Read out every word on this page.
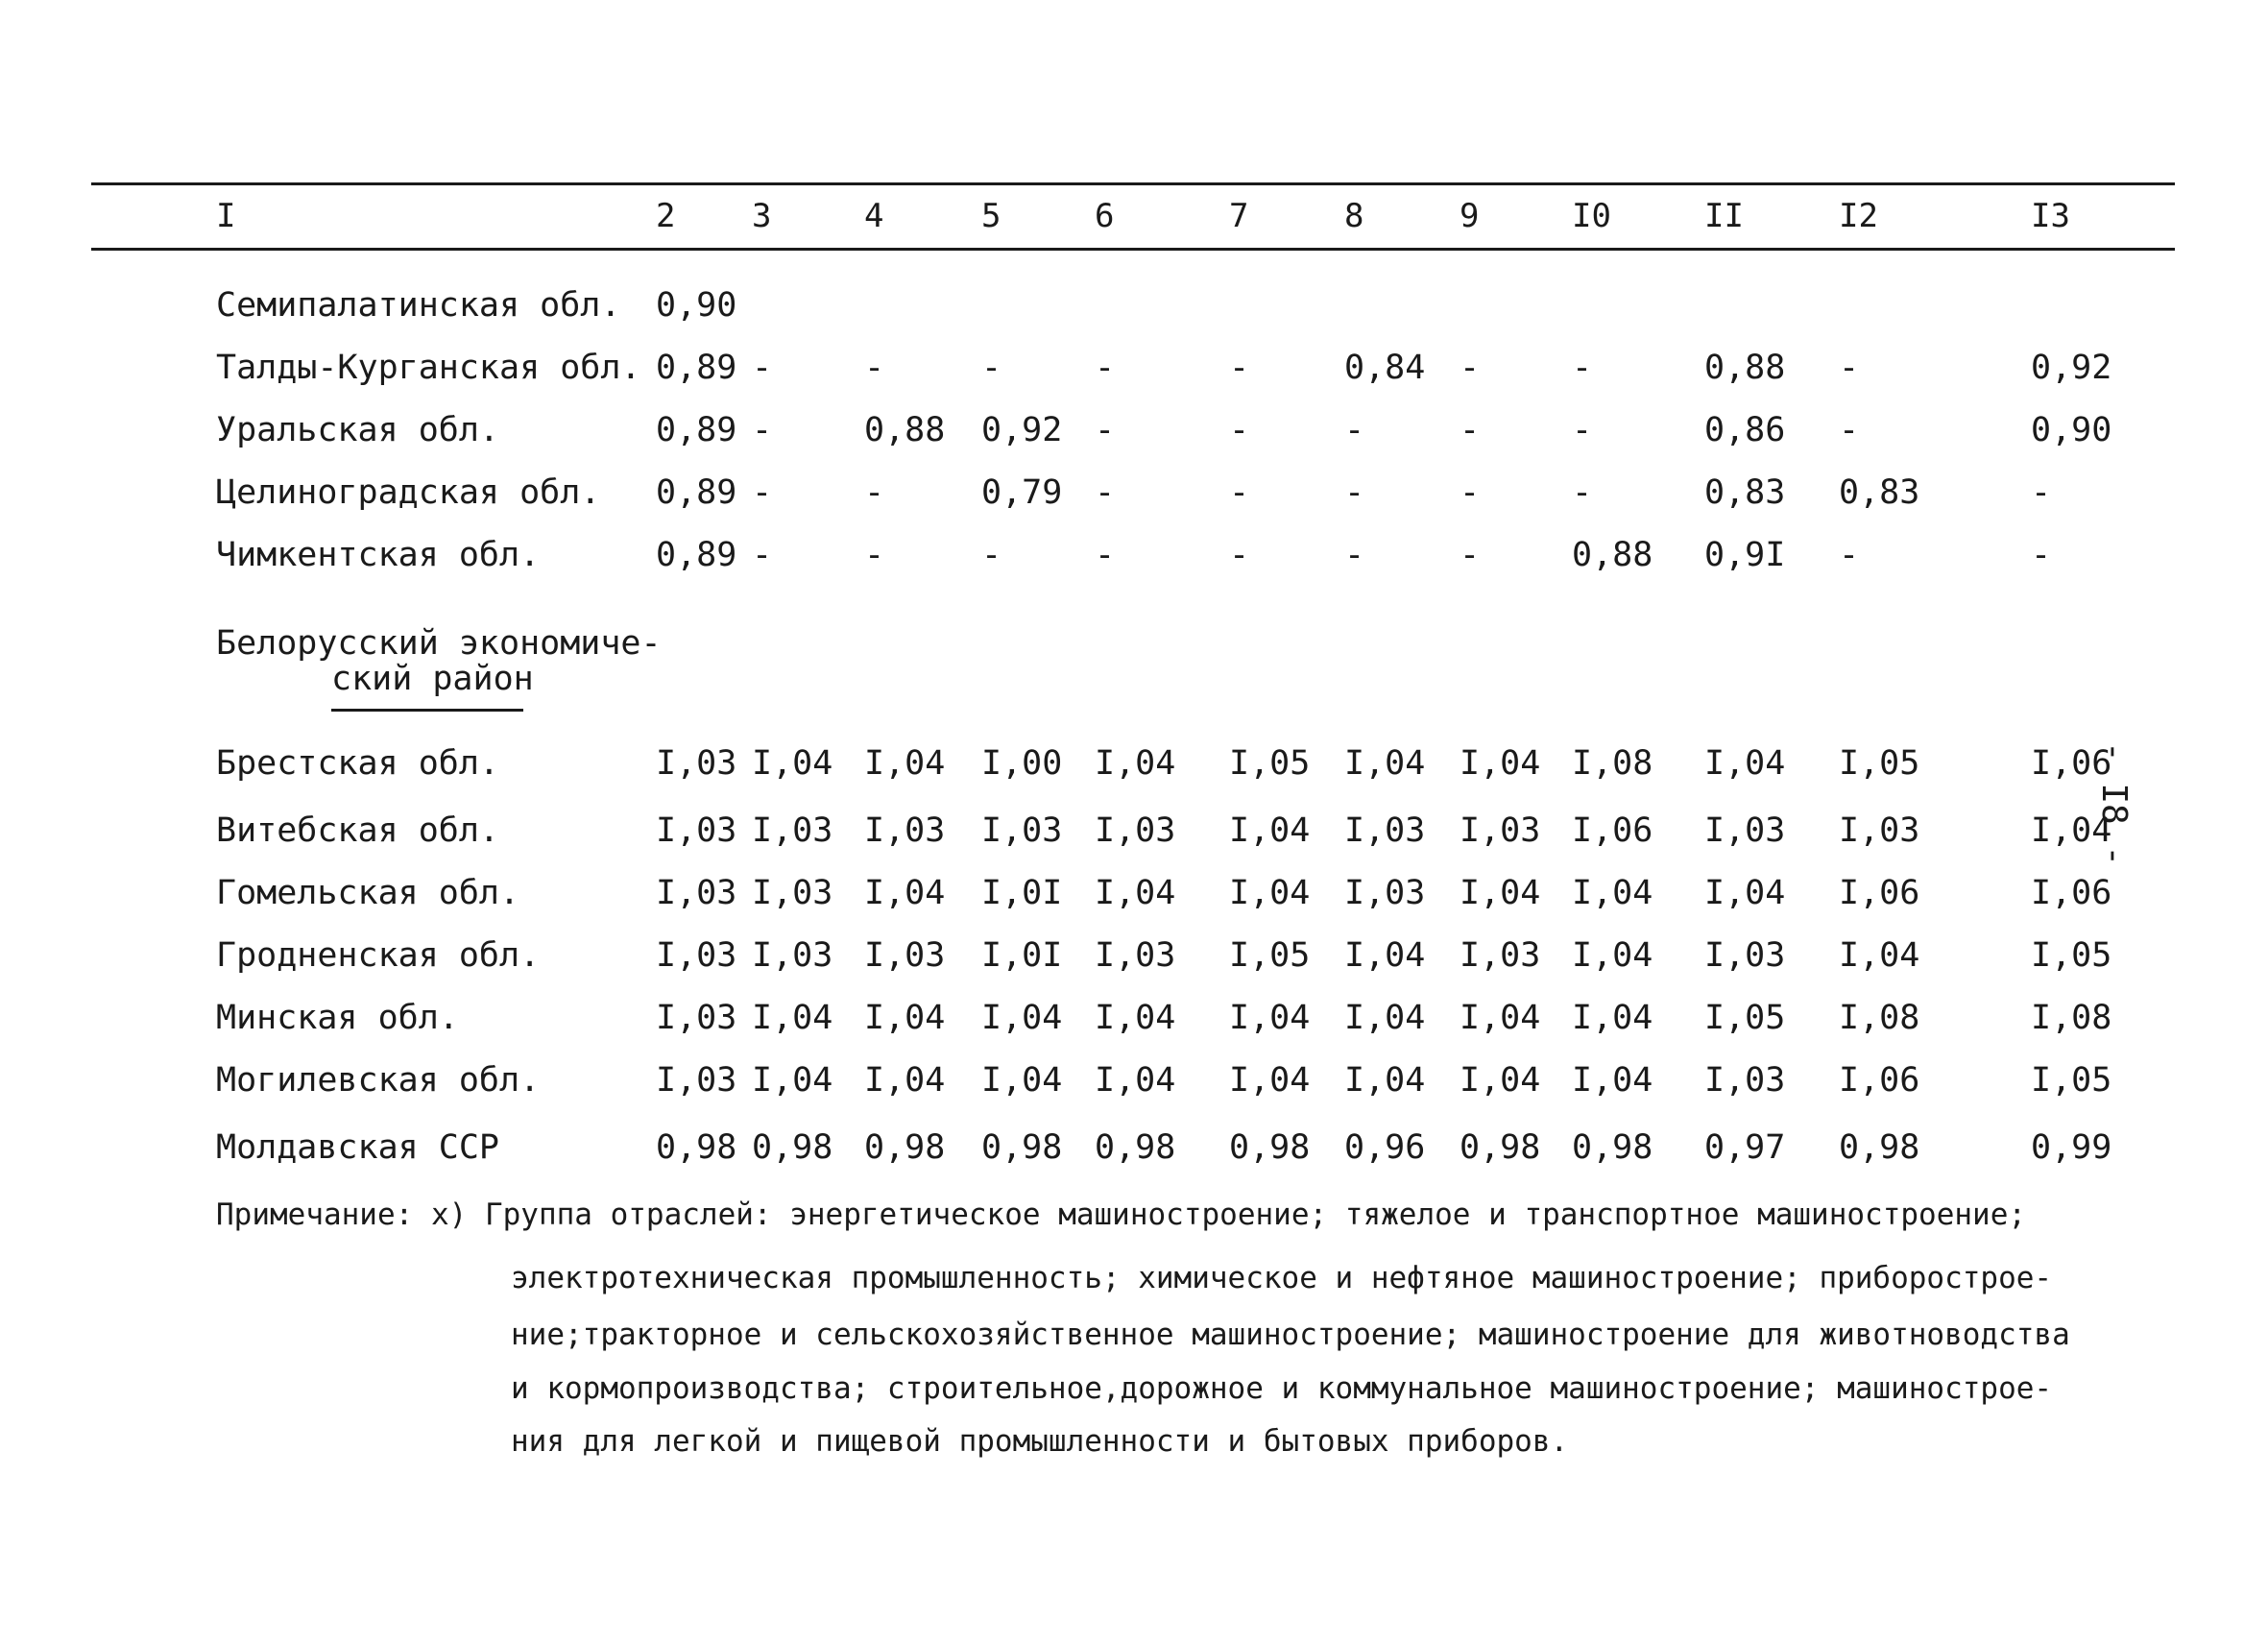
I	2 3	4	5	6	7	8	9	I0	II	I2	I3
Семипалатинская обл. 0,90
Талды-Курганская обл. 0,89 -	-	-	-	-	0,84 -	-	0,88 -	0,92
Уральская обл.	0,89 -	0,88 0,92 -	-	-	-	-	0,86 -	0,90
Целиноградская обл. 0,89 -	-	0,79 -	-	-	-	-	0,83 0,83	-
Чимкентская обл.	0,89 -	-	-	-	-	-	-	0,88 0,9I -	-
Белорусский экономиче-
ский район
Брестская обл.	I,03 I,04 I,04 I,00 I,04 I,05 I,04 I,04 I,08 I,04 I,05	I,06
Витебская обл.	I,03 I,03 I,03 I,03 I,03 I,04 I,03 I,03 I,06 I,03 I,03	I,04
Гомельская обл.	I,03 I,03 I,04 I,0I I,04 I,04 I,03 I,04 I,04 I,04 I,06	I,06
Гродненская обл.	I,03 I,03 I,03 I,0I I,03 I,05 I,04 I,03 I,04 I,03 I,04	I,05
Минская обл.	I,03 I,04 I,04 I,04 I,04 I,04 I,04 I,04 I,04 I,05 I,08	I,08
Могилевская обл.	I,03 I,04 I,04 I,04 I,04 I,04 I,04 I,04 I,04 I,03 I,06	I,05
Молдавская ССР	0,98 0,98 0,98 0,98 0,98 0,98 0,96 0,98 0,98 0,97 0,98	0,99
Примечание: х) Группа отраслей: энергетическое машиностроение; тяжелое и транспортное машиностроение;
электротехническая промышленность; химическое и нефтяное машиностроение; приборострое-
ние;тракторное и сельскохозяйственное машиностроение; машиностроение для животноводства
и кормопроизводства; строительное,дорожное и коммунальное машиностроение; машинострое-
ния для легкой и пищевой промышленности и бытовых приборов.
- I8 -
